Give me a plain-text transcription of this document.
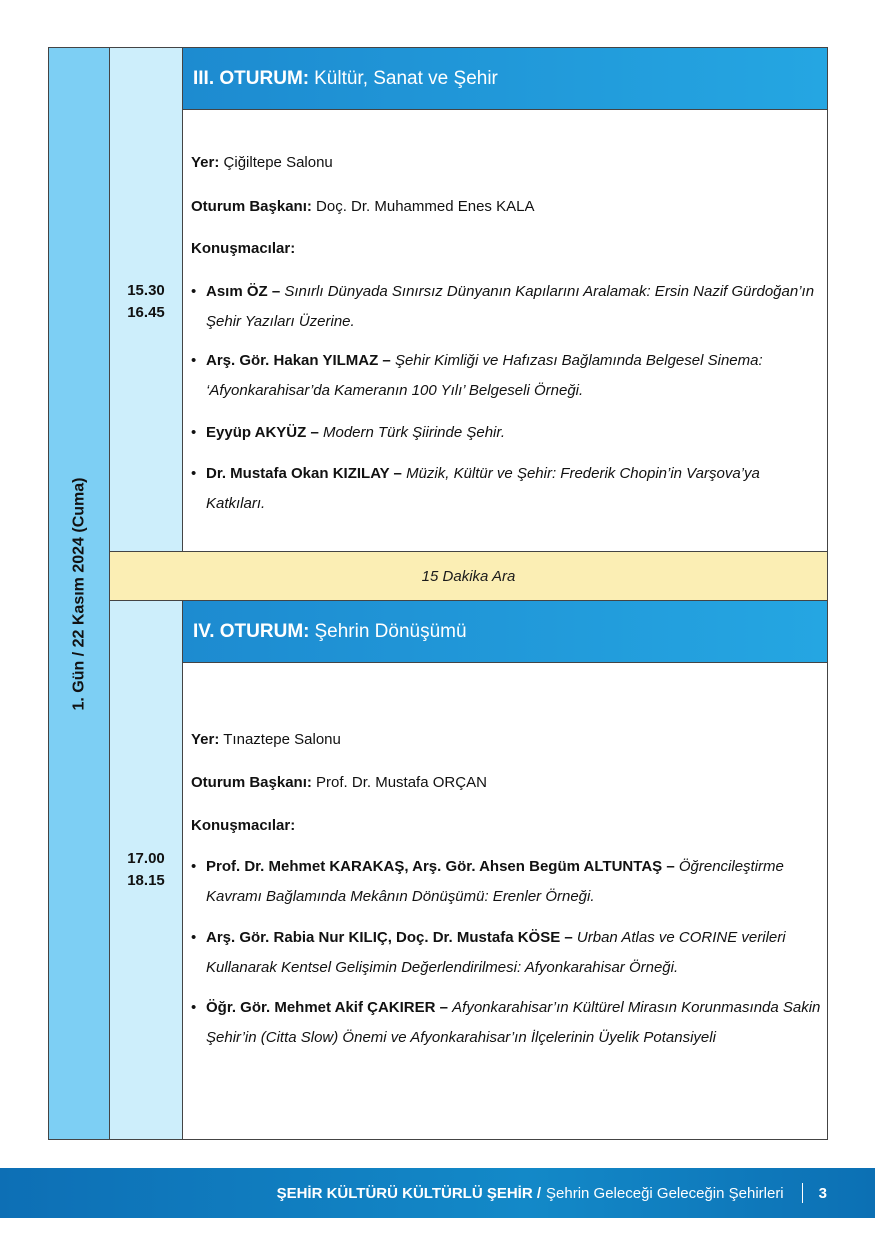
1. Gün / 22 Kasım 2024 (Cuma)
15.30
16.45
III. OTURUM: Kültür, Sanat ve Şehir
Yer: Çiğiltepe Salonu
Oturum Başkanı: Doç. Dr. Muhammed Enes KALA
Konuşmacılar:
• Asım ÖZ – Sınırlı Dünyada Sınırsız Dünyanın Kapılarını Aralamak: Ersin Nazif Gürdoğan’ın Şehir Yazıları Üzerine.
• Arş. Gör. Hakan YILMAZ – Şehir Kimliği ve Hafızası Bağlamında Belgesel Sinema: ‘Afyonkarahisar’da Kameranın 100 Yılı’ Belgeseli Örneği.
• Eyyüp AKYÜZ – Modern Türk Şiirinde Şehir.
• Dr. Mustafa Okan KIZILAY – Müzik, Kültür ve Şehir: Frederik Chopin’in Varşova’ya Katkıları.
15 Dakika Ara
17.00
18.15
IV. OTURUM: Şehrin Dönüşümü
Yer: Tınaztepe Salonu
Oturum Başkanı: Prof. Dr. Mustafa ORÇAN
Konuşmacılar:
• Prof. Dr. Mehmet KARAKAŞ, Arş. Gör. Ahsen Begüm ALTUNTAŞ – Öğrencileştirme Kavramı Bağlamında Mekânın Dönüşümü: Erenler Örneği.
• Arş. Gör. Rabia Nur KILIÇ, Doç. Dr. Mustafa KÖSE – Urban Atlas ve CORINE verileri Kullanarak Kentsel Gelişimin Değerlendirilmesi: Afyonkarahisar Örneği.
• Öğr. Gör. Mehmet Akif ÇAKIRER – Afyonkarahisar’ın Kültürel Mirasın Korunmasında Sakin Şehir’in (Citta Slow) Önemi ve Afyonkarahisar’ın İlçelerinin Üyelik Potansiyeli
ŞEHİR KÜLTÜRÜ KÜLTÜRLÜ ŞEHİR / Şehrin Geleceği Geleceğin Şehirleri 3
